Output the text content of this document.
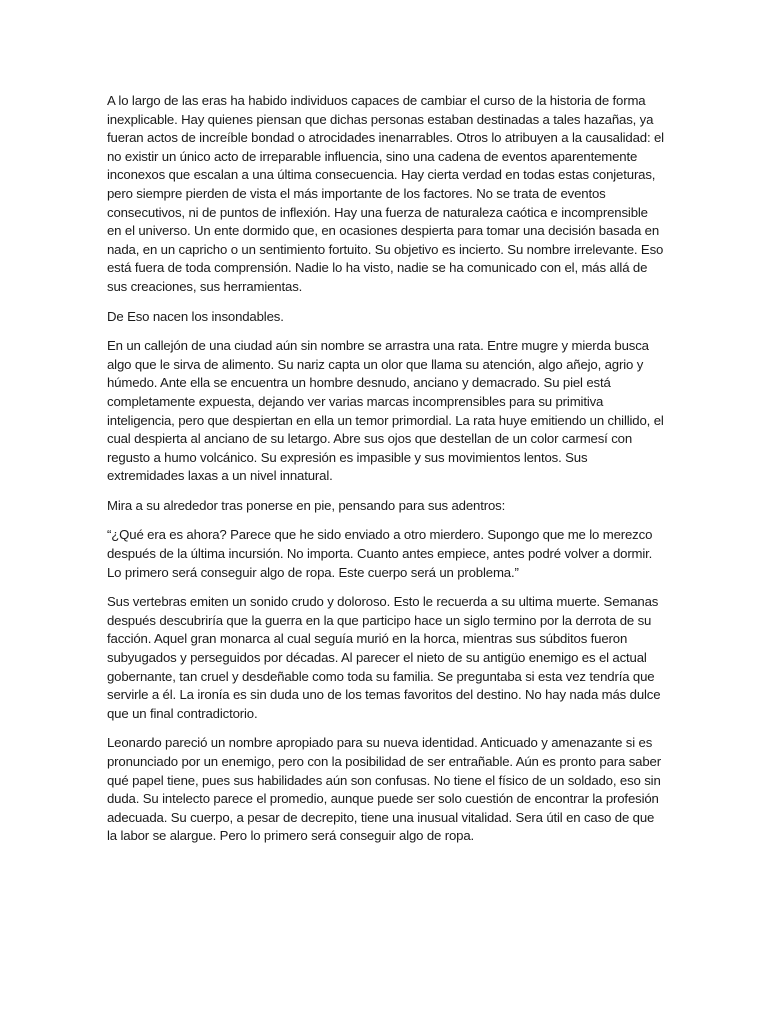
A lo largo de las eras ha habido individuos capaces de cambiar el curso de la historia de forma inexplicable. Hay quienes piensan que dichas personas estaban destinadas a tales hazañas, ya fueran actos de increíble bondad o atrocidades inenarrables. Otros lo atribuyen a la causalidad: el no existir un único acto de irreparable influencia, sino una cadena de eventos aparentemente inconexos que escalan a una última consecuencia. Hay cierta verdad en todas estas conjeturas, pero siempre pierden de vista el más importante de los factores. No se trata de eventos consecutivos, ni de puntos de inflexión. Hay una fuerza de naturaleza caótica e incomprensible en el universo. Un ente dormido que, en ocasiones despierta para tomar una decisión basada en nada, en un capricho o un sentimiento fortuito. Su objetivo es incierto. Su nombre irrelevante. Eso está fuera de toda comprensión. Nadie lo ha visto, nadie se ha comunicado con el, más allá de sus creaciones, sus herramientas.

De Eso nacen los insondables.

En un callejón de una ciudad aún sin nombre se arrastra una rata. Entre mugre y mierda busca algo que le sirva de alimento. Su nariz capta un olor que llama su atención, algo añejo, agrio y húmedo. Ante ella se encuentra un hombre desnudo, anciano y demacrado. Su piel está completamente expuesta, dejando ver varias marcas incomprensibles para su primitiva inteligencia, pero que despiertan en ella un temor primordial. La rata huye emitiendo un chillido, el cual despierta al anciano de su letargo. Abre sus ojos que destellan de un color carmesí con regusto a humo volcánico. Su expresión es impasible y sus movimientos lentos. Sus extremidades laxas a un nivel innatural.

Mira a su alrededor tras ponerse en pie, pensando para sus adentros:

“¿Qué era es ahora? Parece que he sido enviado a otro mierdero. Supongo que me lo merezco después de la última incursión. No importa. Cuanto antes empiece, antes podré volver a dormir. Lo primero será conseguir algo de ropa. Este cuerpo será un problema.”

Sus vertebras emiten un sonido crudo y doloroso. Esto le recuerda a su ultima muerte. Semanas después descubriría que la guerra en la que participo hace un siglo termino por la derrota de su facción. Aquel gran monarca al cual seguía murió en la horca, mientras sus súbditos fueron subyugados y perseguidos por décadas. Al parecer el nieto de su antigüo enemigo es el actual gobernante, tan cruel y desdeñable como toda su familia. Se preguntaba si esta vez tendría que servirle a él. La ironía es sin duda uno de los temas favoritos del destino. No hay nada más dulce que un final contradictorio.

Leonardo pareció un nombre apropiado para su nueva identidad. Anticuado y amenazante si es pronunciado por un enemigo, pero con la posibilidad de ser entrañable. Aún es pronto para saber qué papel tiene, pues sus habilidades aún son confusas. No tiene el físico de un soldado, eso sin duda. Su intelecto parece el promedio, aunque puede ser solo cuestión de encontrar la profesión adecuada. Su cuerpo, a pesar de decrepito, tiene una inusual vitalidad. Sera útil en caso de que la labor se alargue. Pero lo primero será conseguir algo de ropa.
